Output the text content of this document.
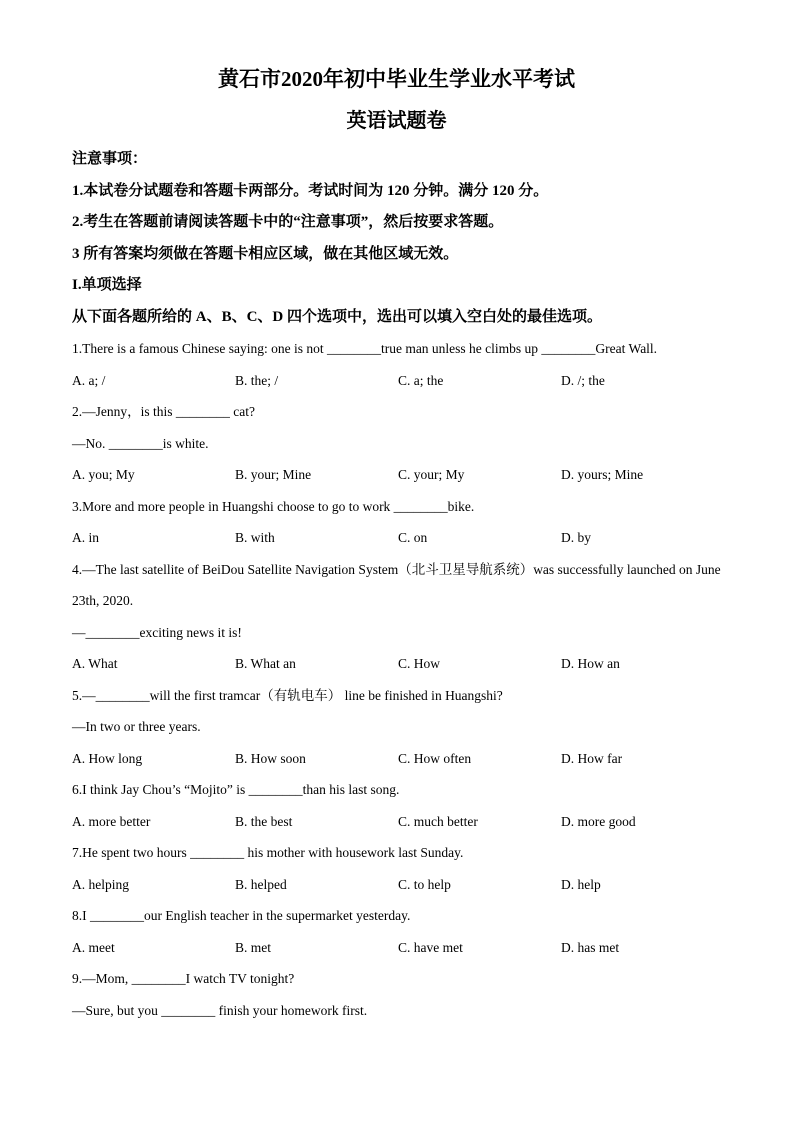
黄石市2020年初中毕业生学业水平考试
英语试题卷
注意事项：
1.本试卷分试题卷和答题卡两部分。考试时间为 120 分钟。满分 120 分。
2.考生在答题前请阅读答题卡中的“注意事项”，然后按要求答题。
3 所有答案均须做在答题卡相应区域，做在其他区域无效。
I.单项选择
从下面各题所给的 A、B、C、D 四个选项中，选出可以填入空白处的最佳选项。
1.There is a famous Chinese saying: one is not ________true man unless he climbs up ________Great Wall.
A. a; /	B. the; /	C. a; the	D. /; the
2.—Jenny，is this ________ cat?
—No. ________is white.
A. you; My	B. your; Mine	C. your; My	D. yours; Mine
3.More and more people in Huangshi choose to go to work ________bike.
A. in	B. with	C. on	D. by
4.—The last satellite of BeiDou Satellite Navigation System（北斗卫星导航系统）was successfully launched on June 23th, 2020.
—________exciting news it is!
A. What	B. What an	C. How	D. How an
5.—________will the first tramcar（有轨电车） line be finished in Huangshi?
—In two or three years.
A. How long	B. How soon	C. How often	D. How far
6.I think Jay Chou’s “Mojito” is ________than his last song.
A. more better	B. the best	C. much better	D. more good
7.He spent two hours ________ his mother with housework last Sunday.
A. helping	B. helped	C. to help	D. help
8.I ________our English teacher in the supermarket yesterday.
A. meet	B. met	C. have met	D. has met
9.—Mom, ________I watch TV tonight?
—Sure, but you ________ finish your homework first.
